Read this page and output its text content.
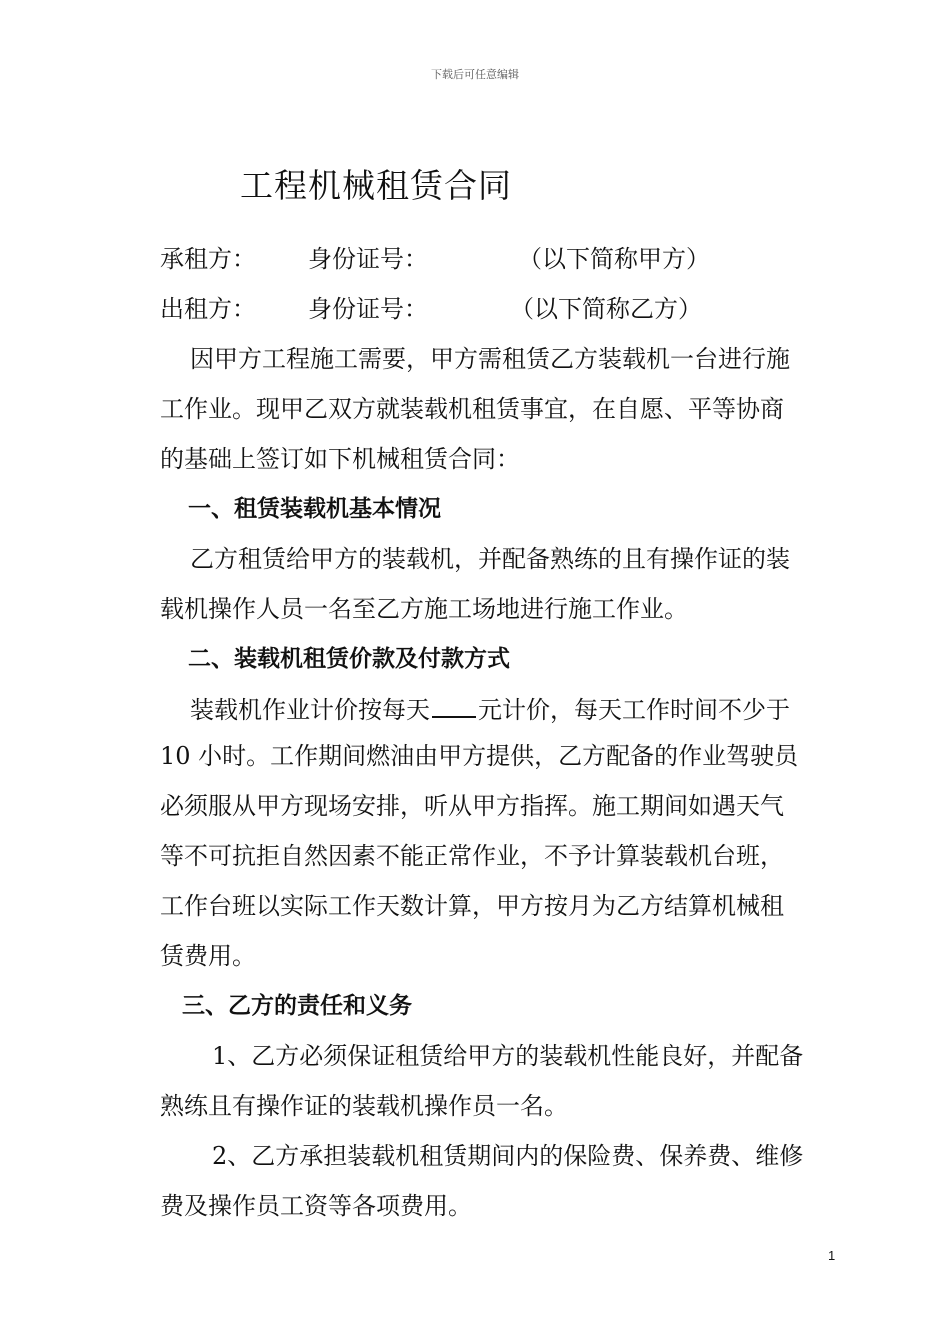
下载后可任意编辑
工程机械租赁合同
承租方： 身份证号：	（以下简称甲方）
出租方： 身份证号：	（以下简称乙方）
因甲方工程施工需要，甲方需租赁乙方装载机一台进行施
工作业。现甲乙双方就装载机租赁事宜，在自愿、平等协商
的基础上签订如下机械租赁合同：
一、租赁装载机基本情况
乙方租赁给甲方的装载机，并配备熟练的且有操作证的装
载机操作人员一名至乙方施工场地进行施工作业。
二、装载机租赁价款及付款方式
装载机作业计价按每天 元计价，每天工作时间不少于
10 小时。工作期间燃油由甲方提供，乙方配备的作业驾驶员
必须服从甲方现场安排，听从甲方指挥。施工期间如遇天气
等不可抗拒自然因素不能正常作业，不予计算装载机台班，
工作台班以实际工作天数计算，甲方按月为乙方结算机械租
赁费用。
三、乙方的责任和义务
1、乙方必须保证租赁给甲方的装载机性能良好，并配备
熟练且有操作证的装载机操作员一名。
2、乙方承担装载机租赁期间内的保险费、保养费、维修
费及操作员工资等各项费用。
1
